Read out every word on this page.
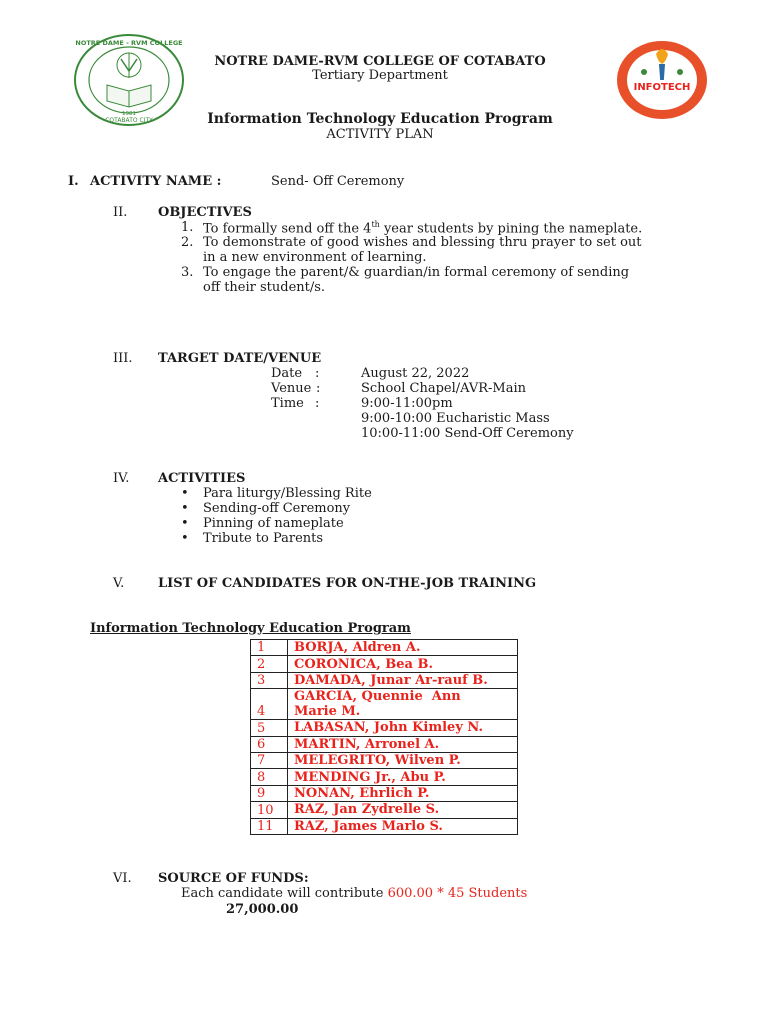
NOTRE DAME - RVM COLLEGE
COTABATO CITY
1981
INFOTECH
NOTRE DAME-RVM COLLEGE OF COTABATO
Tertiary Department
Information Technology Education Program
ACTIVITY PLAN
I. ACTIVITY NAME :	Send- Off Ceremony
II. OBJECTIVES
1. To formally send off the 4th year students by pining the nameplate.
2. To demonstrate of good wishes and blessing thru prayer to set out
in a new environment of learning.
3. To engage the parent/& guardian/in formal ceremony of sending
off their student/s.
III. TARGET DATE/VENUE
Date :	August 22, 2022
Venue :	School Chapel/AVR-Main
Time :	9:00-11:00pm
9:00-10:00 Eucharistic Mass
10:00-11:00 Send-Off Ceremony
IV. ACTIVITIES
• Para liturgy/Blessing Rite
• Sending-off Ceremony
• Pinning of nameplate
• Tribute to Parents
V.	LIST OF CANDIDATES FOR ON-THE-JOB TRAINING
Information Technology Education Program
1	BORJA, Aldren A.
2	CORONICA, Bea B.
3	DAMADA, Junar Ar-rauf B.
4	GARCIA, Quennie  Ann
Marie M.

5	LABASAN, John Kimley N.
6	MARTIN, Arronel A.
7	MELEGRITO, Wilven P.
8	MENDING Jr., Abu P.
9	NONAN, Ehrlich P.
10	RAZ, Jan Zydrelle S.
11	RAZ, James Marlo S.
VI. SOURCE OF FUNDS:
Each candidate will contribute 600.00 * 45 Students
27,000.00
